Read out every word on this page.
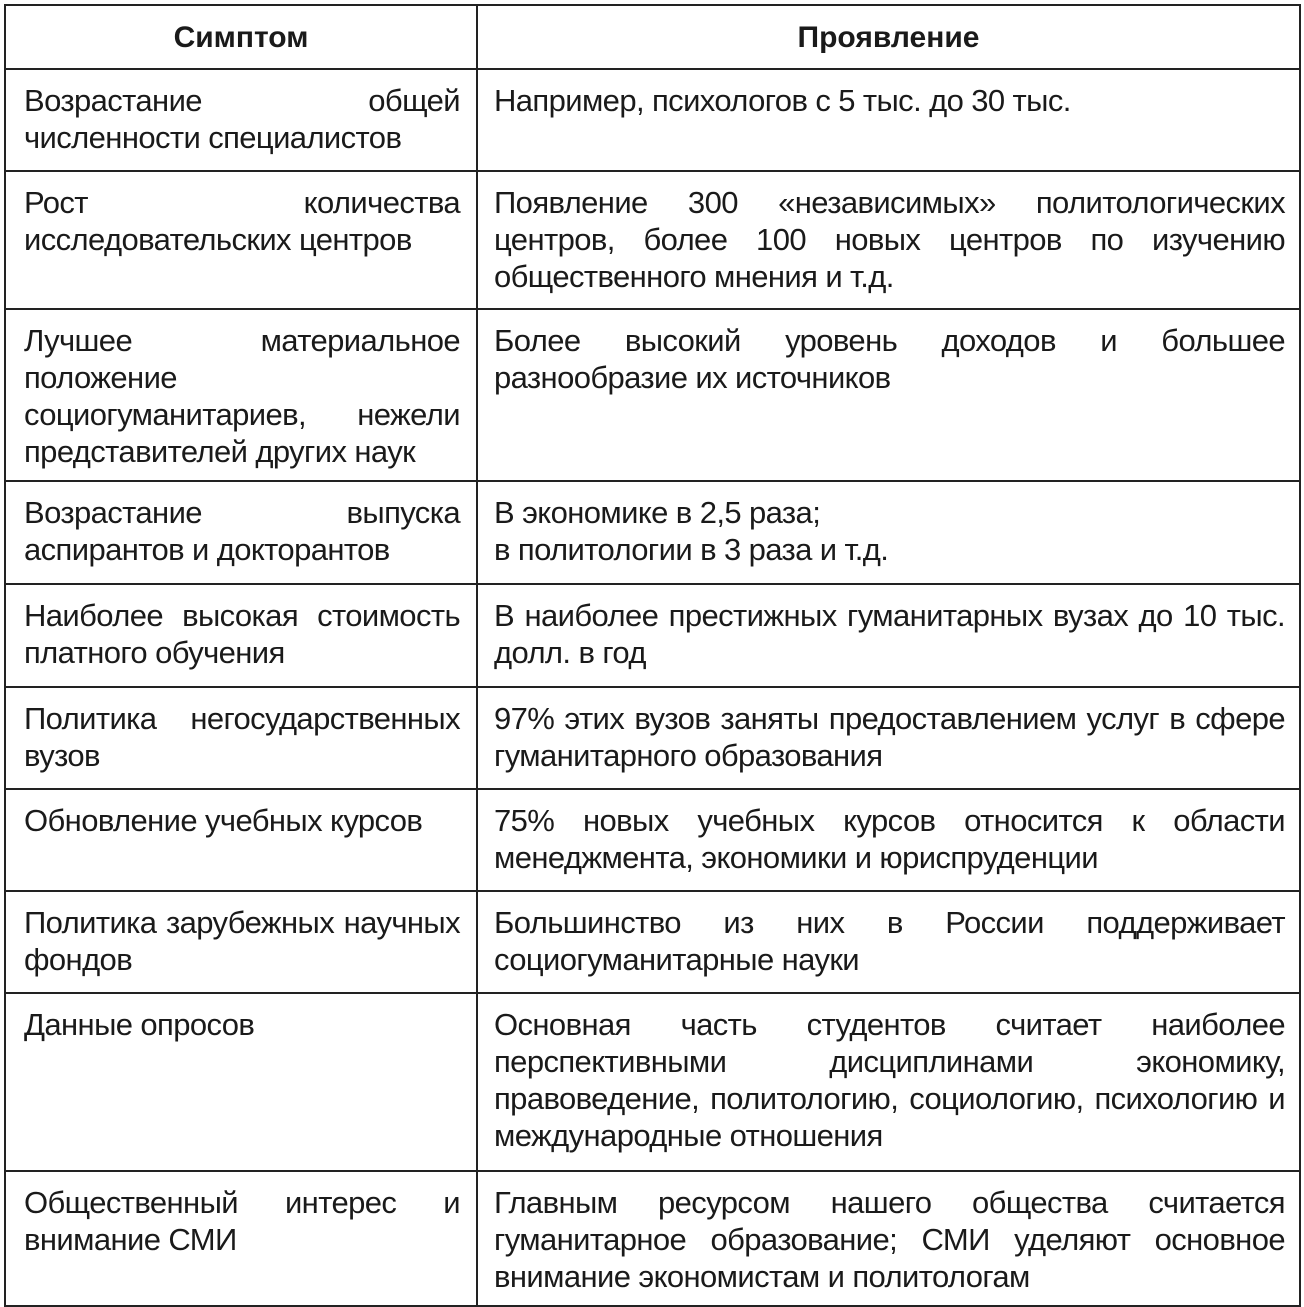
Симптом	Проявление
Возрастание общей численности специалистов	Например, психологов с 5 тыс. до 30 тыс.
Рост количества исследовательских центров	Появление 300 «независимых» политологических центров, более 100 новых центров по изучению общественного мнения и т.д.
Лучшее материальное положение социогуманитариев, нежели представителей других наук	Более высокий уровень доходов и большее разнообразие их источников
Возрастание выпуска аспирантов и докторантов	В экономике в 2,5 раза;
в политологии в 3 раза и т.д.
Наиболее высокая стоимость платного обучения	В наиболее престижных гуманитарных вузах до 10 тыс. долл. в год
Политика негосударственных вузов	97% этих вузов заняты предоставлением услуг в сфере гуманитарного образования
Обновление учебных курсов	75% новых учебных курсов относится к области менеджмента, экономики и юриспруденции
Политика зарубежных научных фондов	Большинство из них в России поддерживает социогуманитарные науки
Данные опросов	Основная часть студентов считает наиболее перспективными дисциплинами экономику, правоведение, политологию, социологию, психологию и международные отношения
Общественный интерес и внимание СМИ	Главным ресурсом нашего общества считается гуманитарное образование; СМИ уделяют основное внимание экономистам и политологам
